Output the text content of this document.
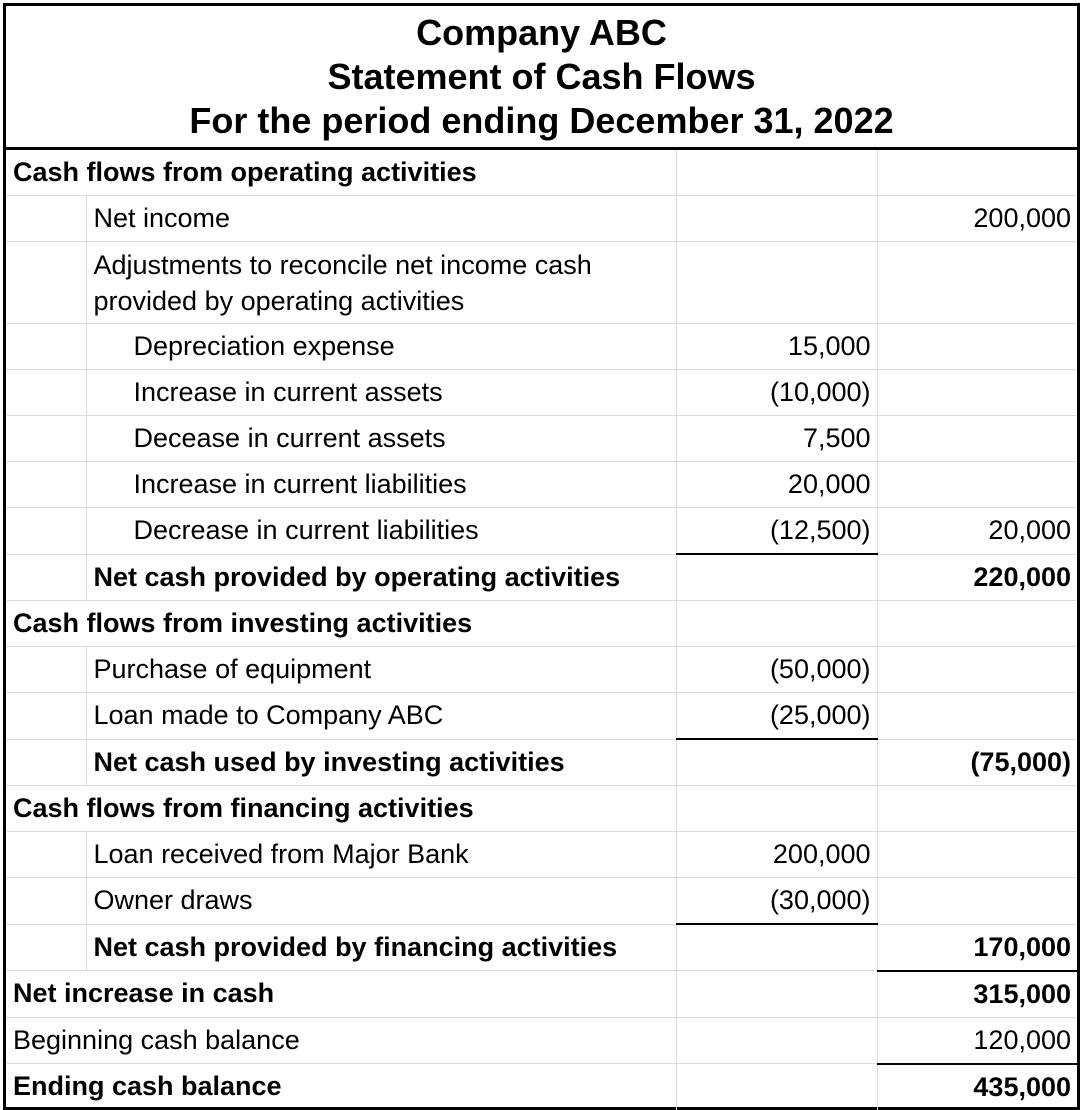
Company ABC
Statement of Cash Flows
For the period ending December 31, 2022
Cash flows from operating activities			
	Net income		200,000
	Adjustments to reconcile net income cash provided by operating activities		
	Depreciation expense	15,000	
	Increase in current assets	(10,000)	
	Decease in current assets	7,500	
	Increase in current liabilities	20,000	
	Decrease in current liabilities	(12,500)	20,000
	Net cash provided by operating activities		220,000
Cash flows from investing activities			
	Purchase of equipment	(50,000)	
	Loan made to Company ABC	(25,000)	
	Net cash used by investing activities		(75,000)
Cash flows from financing activities			
	Loan received from Major Bank	200,000	
	Owner draws	(30,000)	
	Net cash provided by financing activities		170,000
Net increase in cash			315,000
Beginning cash balance			120,000
Ending cash balance			435,000
